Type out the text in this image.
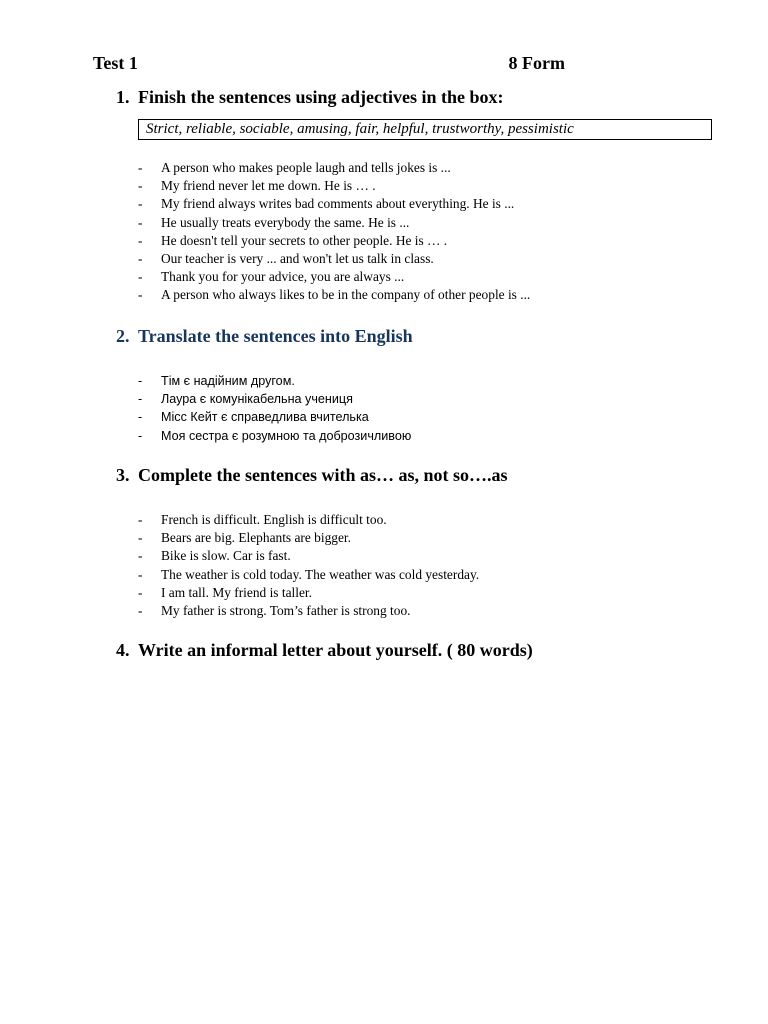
Test 1	8 Form
1. Finish the sentences using adjectives in the box:
Strict, reliable, sociable, amusing, fair, helpful, trustworthy, pessimistic
- A person who makes people laugh and tells jokes is ...
- My friend never let me down. He is … .
- My friend always writes bad comments about everything. He is ...
- He usually treats everybody the same. He is ...
- He doesn't tell your secrets to other people. He is … .
- Our teacher is very ... and won't let us talk in class.
- Thank you for your advice, you are always ...
- A person who always likes to be in the company of other people is ...
2. Translate the sentences into English
- Тім є надійним другом.
- Лаура є комунікабельна учениця
- Місс Кейт є справедлива вчителька
- Моя сестра є розумною та доброзичливою
3. Complete the sentences with as… as, not so….as
- French is difficult. English is difficult too.
- Bears are big. Elephants are bigger.
- Bike is slow. Car is fast.
- The weather is cold today. The weather was cold yesterday.
- I am tall. My friend is taller.
- My father is strong. Tom’s father is strong too.
4. Write an informal letter about yourself. ( 80 words)
